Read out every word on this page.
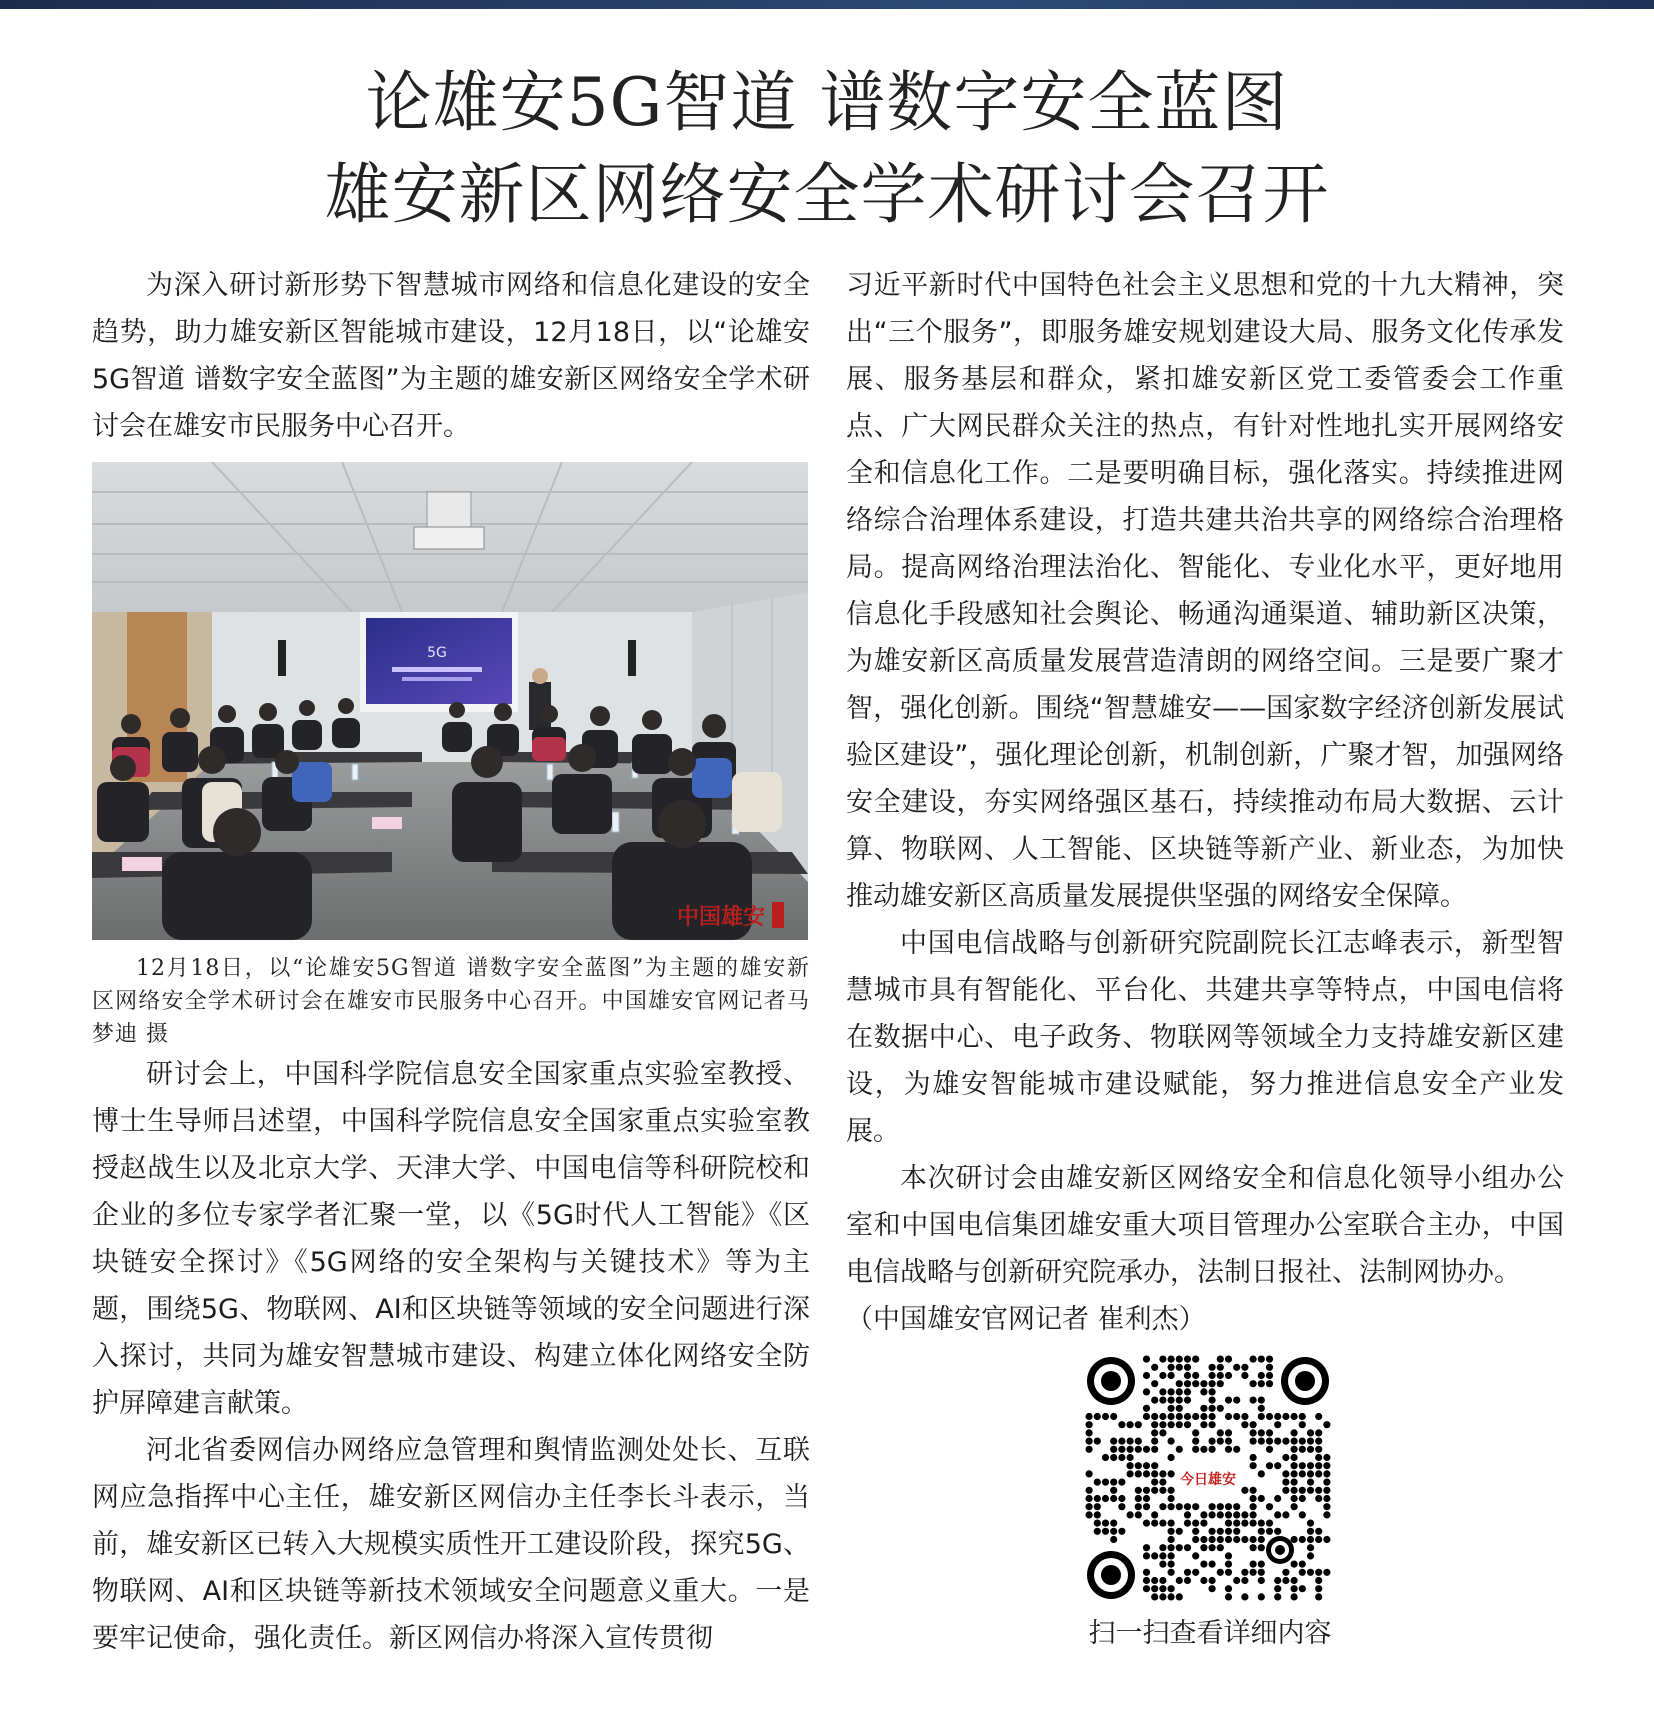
论雄安5G智道 谱数字安全蓝图
雄安新区网络安全学术研讨会召开

为深入研讨新形势下智慧城市网络和信息化建设的安全趋势，助力雄安新区智能城市建设，12月18日，以“论雄安5G智道 谱数字安全蓝图”为主题的雄安新区网络安全学术研讨会在雄安市民服务中心召开。

5G
中国雄安

12月18日，以“论雄安5G智道 谱数字安全蓝图”为主题的雄安新区网络安全学术研讨会在雄安市民服务中心召开。中国雄安官网记者马梦迪 摄

研讨会上，中国科学院信息安全国家重点实验室教授、博士生导师吕述望，中国科学院信息安全国家重点实验室教授赵战生以及北京大学、天津大学、中国电信等科研院校和企业的多位专家学者汇聚一堂，以《5G时代人工智能》《区块链安全探讨》《5G网络的安全架构与关键技术》等为主题，围绕5G、物联网、AI和区块链等领域的安全问题进行深入探讨，共同为雄安智慧城市建设、构建立体化网络安全防护屏障建言献策。

河北省委网信办网络应急管理和舆情监测处处长、互联网应急指挥中心主任，雄安新区网信办主任李长斗表示，当前，雄安新区已转入大规模实质性开工建设阶段，探究5G、物联网、AI和区块链等新技术领域安全问题意义重大。一是要牢记使命，强化责任。新区网信办将深入宣传贯彻

习近平新时代中国特色社会主义思想和党的十九大精神，突出“三个服务”，即服务雄安规划建设大局、服务文化传承发展、服务基层和群众，紧扣雄安新区党工委管委会工作重点、广大网民群众关注的热点，有针对性地扎实开展网络安全和信息化工作。二是要明确目标，强化落实。持续推进网络综合治理体系建设，打造共建共治共享的网络综合治理格局。提高网络治理法治化、智能化、专业化水平，更好地用信息化手段感知社会舆论、畅通沟通渠道、辅助新区决策，为雄安新区高质量发展营造清朗的网络空间。三是要广聚才智，强化创新。围绕“智慧雄安——国家数字经济创新发展试验区建设”，强化理论创新，机制创新，广聚才智，加强网络安全建设，夯实网络强区基石，持续推动布局大数据、云计算、物联网、人工智能、区块链等新产业、新业态，为加快推动雄安新区高质量发展提供坚强的网络安全保障。

中国电信战略与创新研究院副院长江志峰表示，新型智慧城市具有智能化、平台化、共建共享等特点，中国电信将在数据中心、电子政务、物联网等领域全力支持雄安新区建设，为雄安智能城市建设赋能，努力推进信息安全产业发展。

本次研讨会由雄安新区网络安全和信息化领导小组办公室和中国电信集团雄安重大项目管理办公室联合主办，中国电信战略与创新研究院承办，法制日报社、法制网协办。

（中国雄安官网记者 崔利杰）

今日雄安
扫一扫查看详细内容
